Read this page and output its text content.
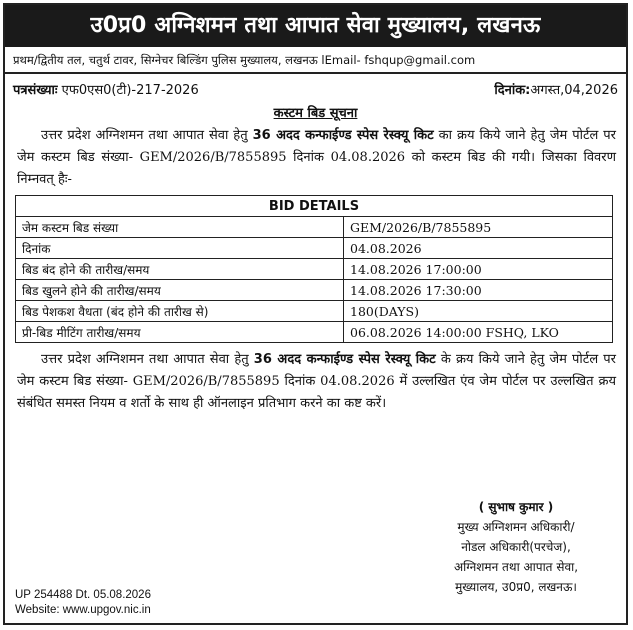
उ0प्र0 अग्निशमन तथा आपात सेवा मुख्यालय, लखनऊ
प्रथम/द्वितीय तल, चतुर्थ टावर, सिग्नेचर बिल्डिंग पुलिस मुख्यालय, लखनऊ lEmail- fshqup@gmail.com
पत्रसंख्याः एफ0एस0(टी)-217-2026	दिनांक:अगस्त,04,2026
कस्टम बिड सूचना
उत्तर प्रदेश अग्निशमन तथा आपात सेवा हेतु 36 अदद कन्फाईण्ड स्पेस रेस्क्यू किट का क्रय किये जाने हेतु जेम पोर्टल पर जेम कस्टम बिड संख्या- GEM/2026/B/7855895 दिनांक 04.08.2026 को कस्टम बिड की गयी। जिसका विवरण निम्नवत् हैः-
BID DETAILS	
जेम कस्टम बिड संख्या	GEM/2026/B/7855895
दिनांक	04.08.2026
बिड बंद होने की तारीख/समय	14.08.2026 17:00:00
बिड खुलने होने की तारीख/समय	14.08.2026 17:30:00
बिड पेशकश वैधता (बंद होने की तारीख से)	180(DAYS)
प्री-बिड मीटिंग तारीख/समय	06.08.2026 14:00:00 FSHQ, LKO
उत्तर प्रदेश अग्निशमन तथा आपात सेवा हेतु 36 अदद कन्फाईण्ड स्पेस रेस्क्यू किट के क्रय किये जाने हेतु जेम पोर्टल पर जेम कस्टम बिड संख्या- GEM/2026/B/7855895 दिनांक 04.08.2026 में उल्लखित एंव जेम पोर्टल पर उल्लखित क्रय संबंधित समस्त नियम व शर्तो के साथ ही ऑनलाइन प्रतिभाग करने का कष्ट करें।
( सुभाष कुमार )
मुख्य अग्निशमन अधिकारी/
नोडल अधिकारी(परचेज),
अग्निशमन तथा आपात सेवा,
मुख्यालय, उ0प्र0, लखनऊ।
UP 254488 Dt. 05.08.2026
Website: www.upgov.nic.in
